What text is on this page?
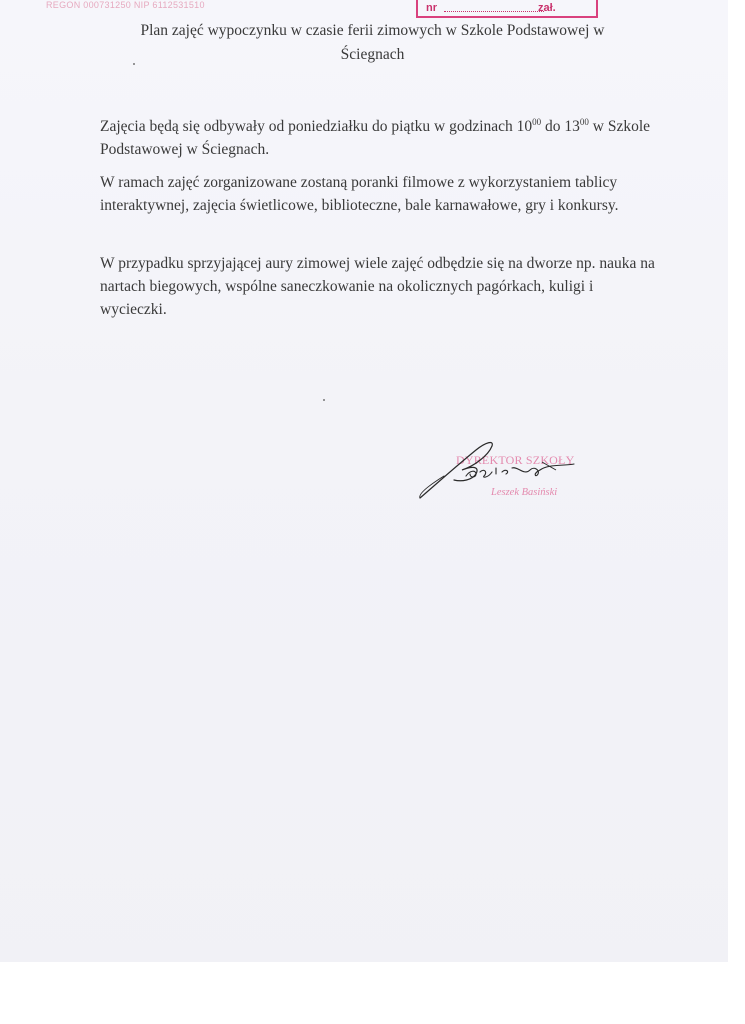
REGON 000731250 NIP 6112531510	nr	zał.
Plan zajęć wypoczynku w czasie ferii zimowych w Szkole Podstawowej w
Ściegnach
Zajęcia będą się odbywały od poniedziałku do piątku w godzinach $10^{00}$ do $13^{00}$ w Szkole Podstawowej w Ściegnach.
W ramach zajęć zorganizowane zostaną poranki filmowe z wykorzystaniem tablicy interaktywnej, zajęcia świetlicowe, biblioteczne, bale karnawałowe, gry i konkursy.
W przypadku sprzyjającej aury zimowej wiele zajęć odbędzie się na dworze np. nauka na nartach biegowych, wspólne saneczkowanie na okolicznych pagórkach, kuligi i wycieczki.
DYREKTOR SZKOŁY
Leszek Basiński
